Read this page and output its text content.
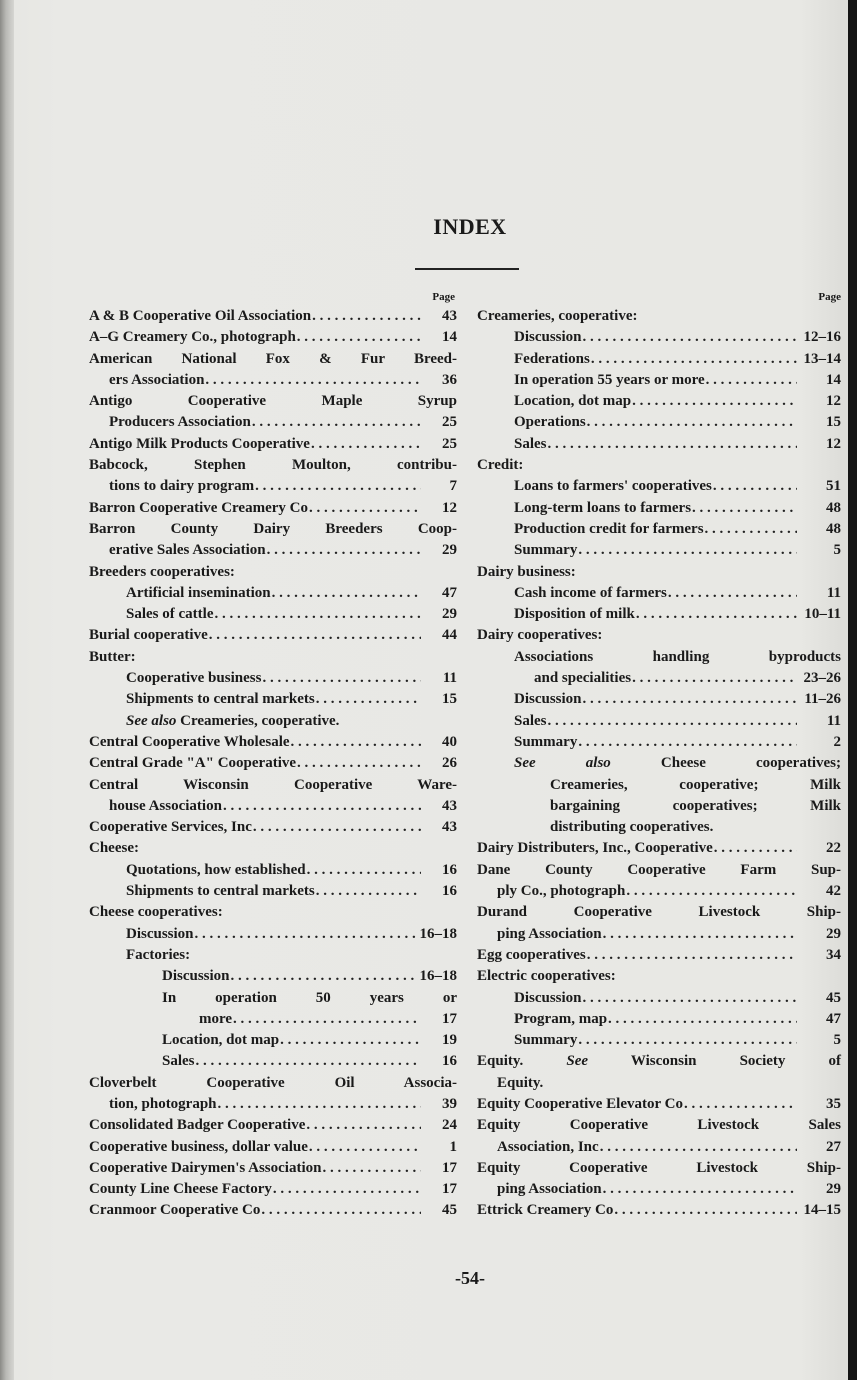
INDEX
Page
A & B Cooperative Oil Association . . .	43
A–G Creamery Co., photograph . . .	14
American National Fox & Fur Breed-
ers Association . . .	36
Antigo Cooperative Maple Syrup
Producers Association . . .	25
Antigo Milk Products Cooperative . . .	25
Babcock, Stephen Moulton, contribu-
tions to dairy program . . .	7
Barron Cooperative Creamery Co . . .	12
Barron County Dairy Breeders Coop-
erative Sales Association . . .	29
Breeders cooperatives:
Artificial insemination . . .	47
Sales of cattle . . .	29
Burial cooperative . . .	44
Butter:
Cooperative business . . .	11
Shipments to central markets . . .	15
See also Creameries, cooperative.
Central Cooperative Wholesale . . .	40
Central Grade "A" Cooperative . . .	26
Central Wisconsin Cooperative Ware-
house Association . . .	43
Cooperative Services, Inc . . .	43
Cheese:
Quotations, how established . . .	16
Shipments to central markets . . .	16
Cheese cooperatives:
Discussion . . .	16–18
Factories:
Discussion . . .	16–18
In operation 50 years or
more . . .	17
Location, dot map . . .	19
Sales . . .	16
Cloverbelt Cooperative Oil Associa-
tion, photograph . . .	39
Consolidated Badger Cooperative . . .	24
Cooperative business, dollar value . . .	1
Cooperative Dairymen's Association . . .	17
County Line Cheese Factory . . .	17
Cranmoor Cooperative Co . . .	45
Page
Creameries, cooperative:
Discussion . . .	12–16
Federations . . .	13–14
In operation 55 years or more . . .	14
Location, dot map . . .	12
Operations . . .	15
Sales . . .	12
Credit:
Loans to farmers' cooperatives . . .	51
Long-term loans to farmers . . .	48
Production credit for farmers . . .	48
Summary . . .	5
Dairy business:
Cash income of farmers . . .	11
Disposition of milk . . .	10–11
Dairy cooperatives:
Associations handling byproducts
and specialities . . .	23–26
Discussion . . .	11–26
Sales . . .	11
Summary . . .	2
See also Cheese cooperatives;
Creameries, cooperative; Milk
bargaining cooperatives; Milk
distributing cooperatives.
Dairy Distributers, Inc., Cooperative . . .	22
Dane County Cooperative Farm Sup-
ply Co., photograph . . .	42
Durand Cooperative Livestock Ship-
ping Association . . .	29
Egg cooperatives . . .	34
Electric cooperatives:
Discussion . . .	45
Program, map . . .	47
Summary . . .	5
Equity.	See Wisconsin Society of
Equity.
Equity Cooperative Elevator Co . . .	35
Equity Cooperative Livestock Sales
Association, Inc . . .	27
Equity Cooperative Livestock Ship-
ping Association . . .	29
Ettrick Creamery Co . . .	14–15
-54-
